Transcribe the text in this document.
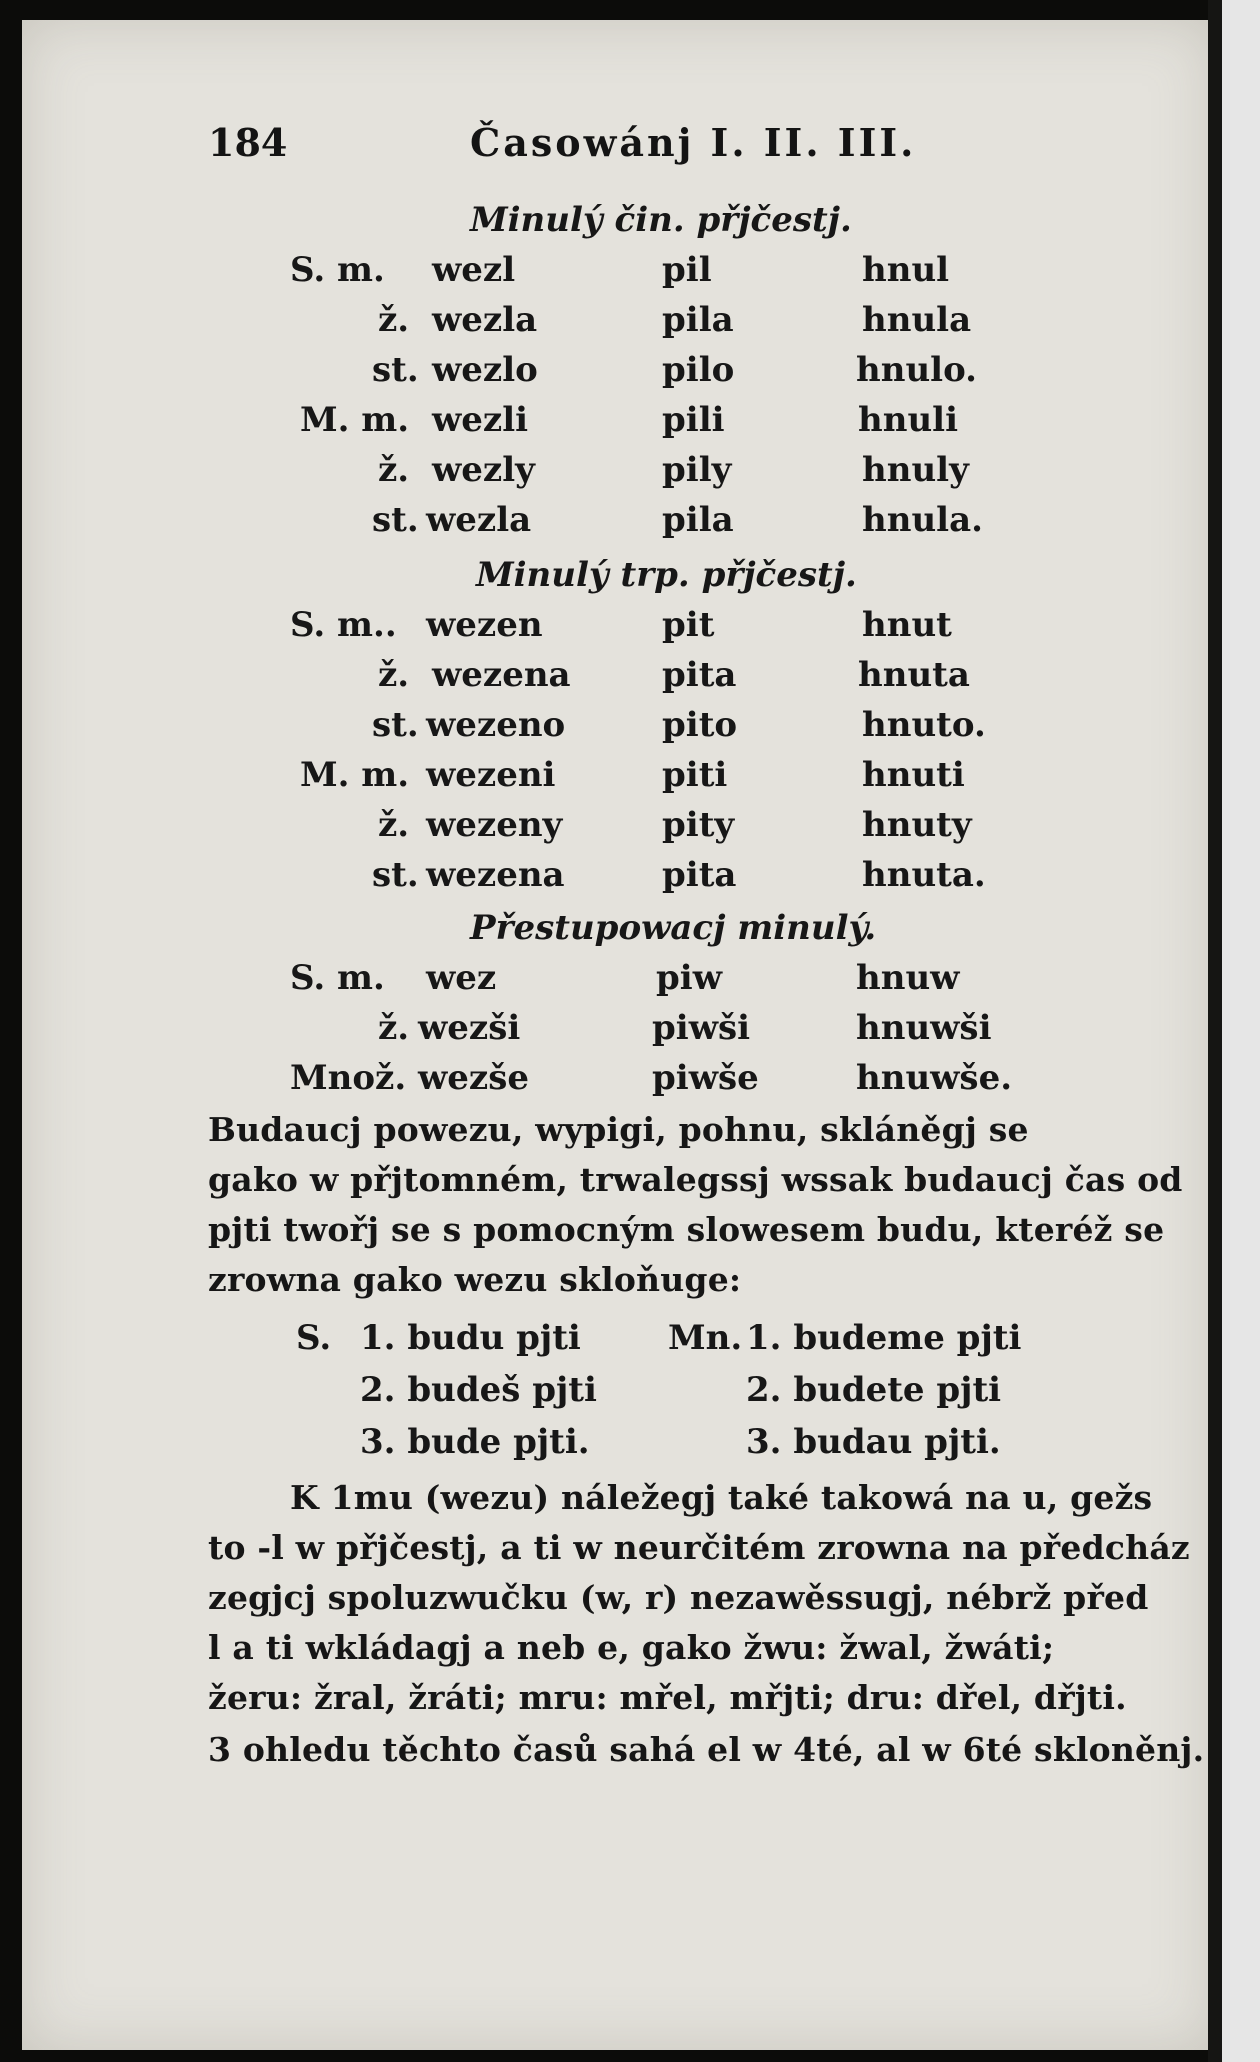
184	Časowánj I. II. III.
Minulý čin. přjčestj.
S. m. wezl	pil	hnul
ž. wezla	pila	hnula
st. wezlo	pilo	hnulo.
M. m. wezli	pili	hnuli
ž. wezly	pily	hnuly
st. wezla	pila	hnula.
Minulý trp. přjčestj.
S. m.. wezen	pit	hnut
ž. wezena	pita	hnuta
st. wezeno	pito	hnuto.
M. m. wezeni	piti	hnuti
ž. wezeny	pity	hnuty
st. wezena	pita	hnuta.
Přestupowacj minulý.
S. m. wez	piw	hnuw
ž. wezši	piwši	hnuwši
Množ. wezše	piwše	hnuwše.
Budaucj powezu, wypigi, pohnu, skláněgj se
gako w přjtomném, trwalegssj wssak budaucj čas od
pjti twořj se s pomocným slowesem budu, kteréž se
zrowna gako wezu skloňuge:
S.	Mn.
1. budu pjti	1. budeme pjti
2. budeš pjti	2. budete pjti
3. bude pjti.	3. budau pjti.
K 1mu (wezu) náležegj také takowá na u, gežs
to -l w přjčestj, a ti w neurčitém zrowna na předcház
zegjcj spoluzwučku (w, r) nezawěssugj, nébrž před
l a ti wkládagj a neb e, gako žwu: žwal, žwáti;
žeru: žral, žráti; mru: mřel, mřjti; dru: dřel, dřjti.
3 ohledu těchto časů sahá el w 4té, al w 6té skloněnj.
